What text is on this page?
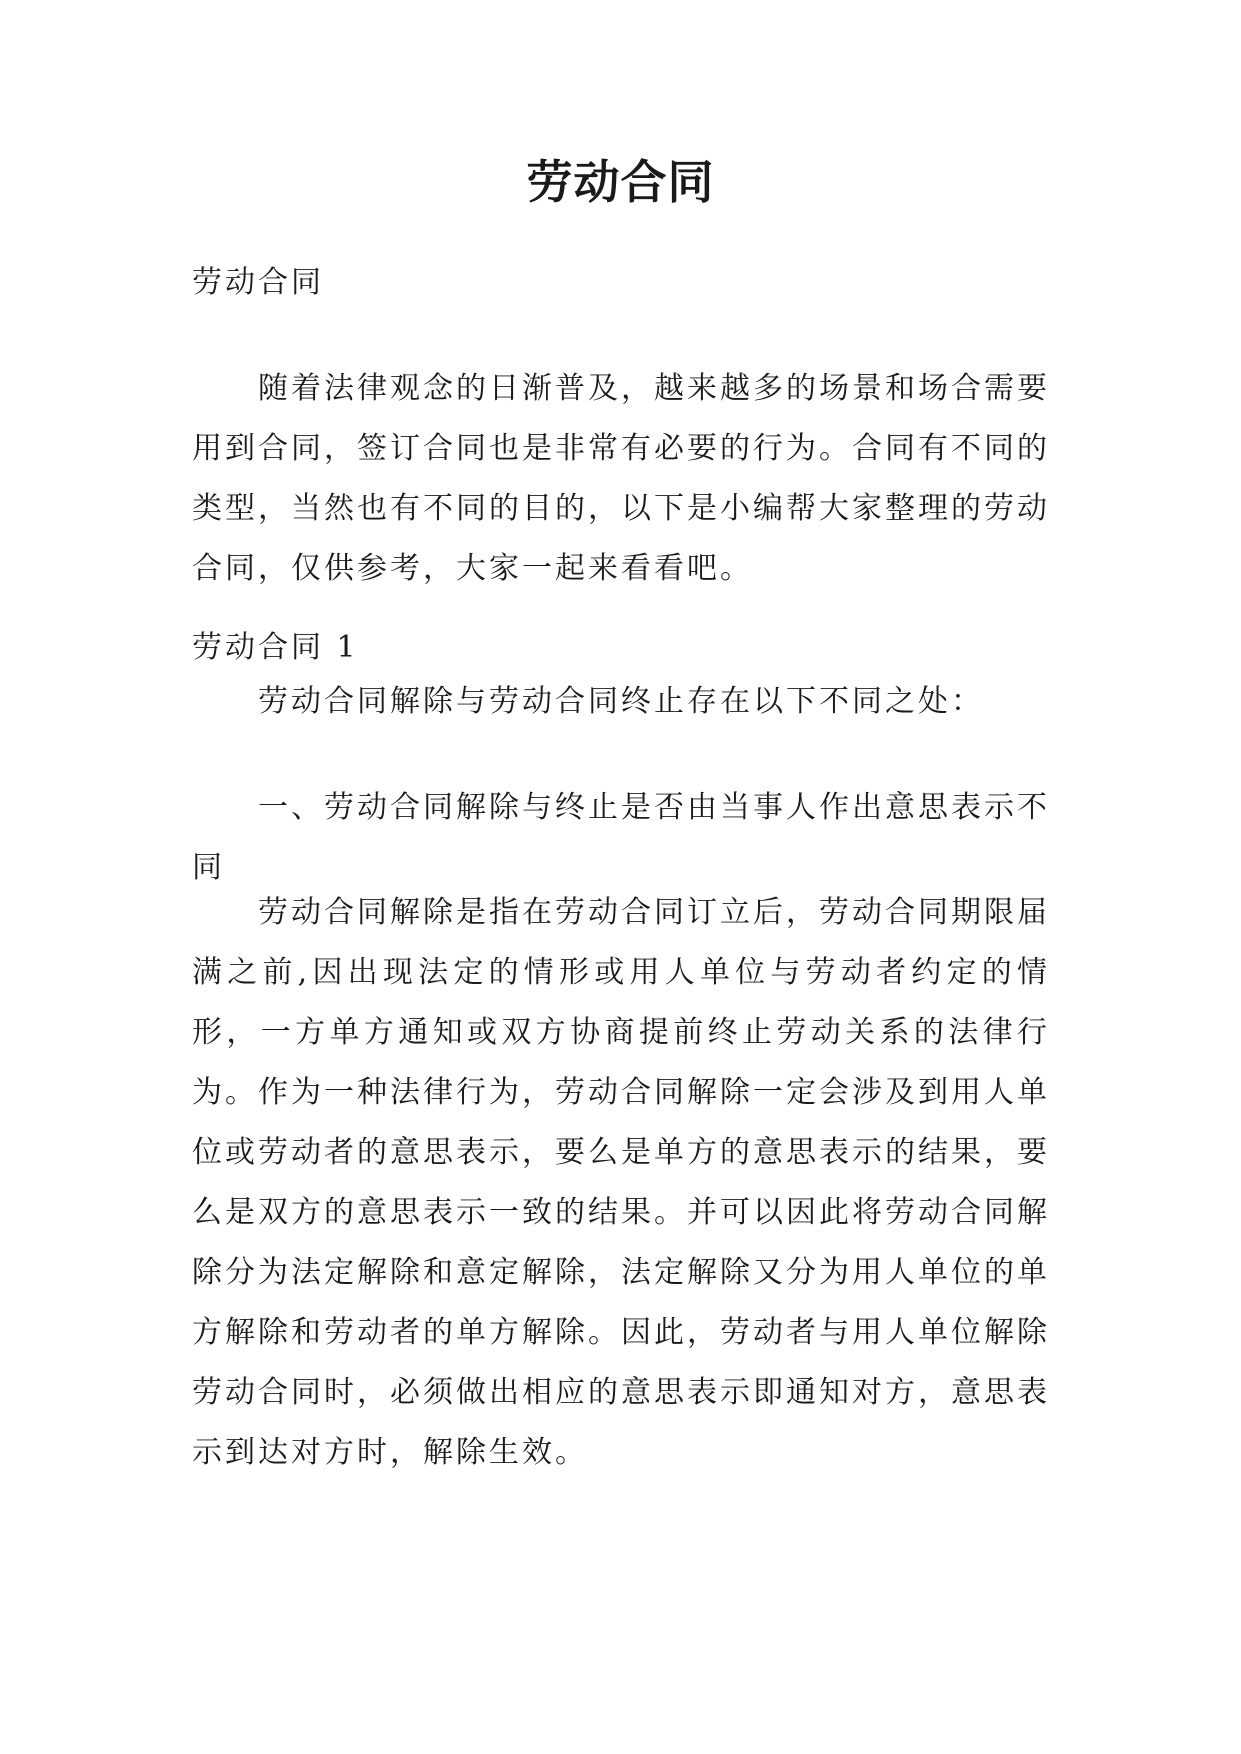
劳动合同

劳动合同

随着法律观念的日渐普及，越来越多的场景和场合需要用到合同，签订合同也是非常有必要的行为。合同有不同的类型，当然也有不同的目的，以下是小编帮大家整理的劳动合同，仅供参考，大家一起来看看吧。

劳动合同 1

劳动合同解除与劳动合同终止存在以下不同之处：

一、劳动合同解除与终止是否由当事人作出意思表示不同

劳动合同解除是指在劳动合同订立后，劳动合同期限届满之前,因出现法定的情形或用人单位与劳动者约定的情形，一方单方通知或双方协商提前终止劳动关系的法律行为。作为一种法律行为，劳动合同解除一定会涉及到用人单位或劳动者的意思表示，要么是单方的意思表示的结果，要么是双方的意思表示一致的结果。并可以因此将劳动合同解除分为法定解除和意定解除，法定解除又分为用人单位的单方解除和劳动者的单方解除。因此，劳动者与用人单位解除劳动合同时，必须做出相应的意思表示即通知对方，意思表示到达对方时，解除生效。
